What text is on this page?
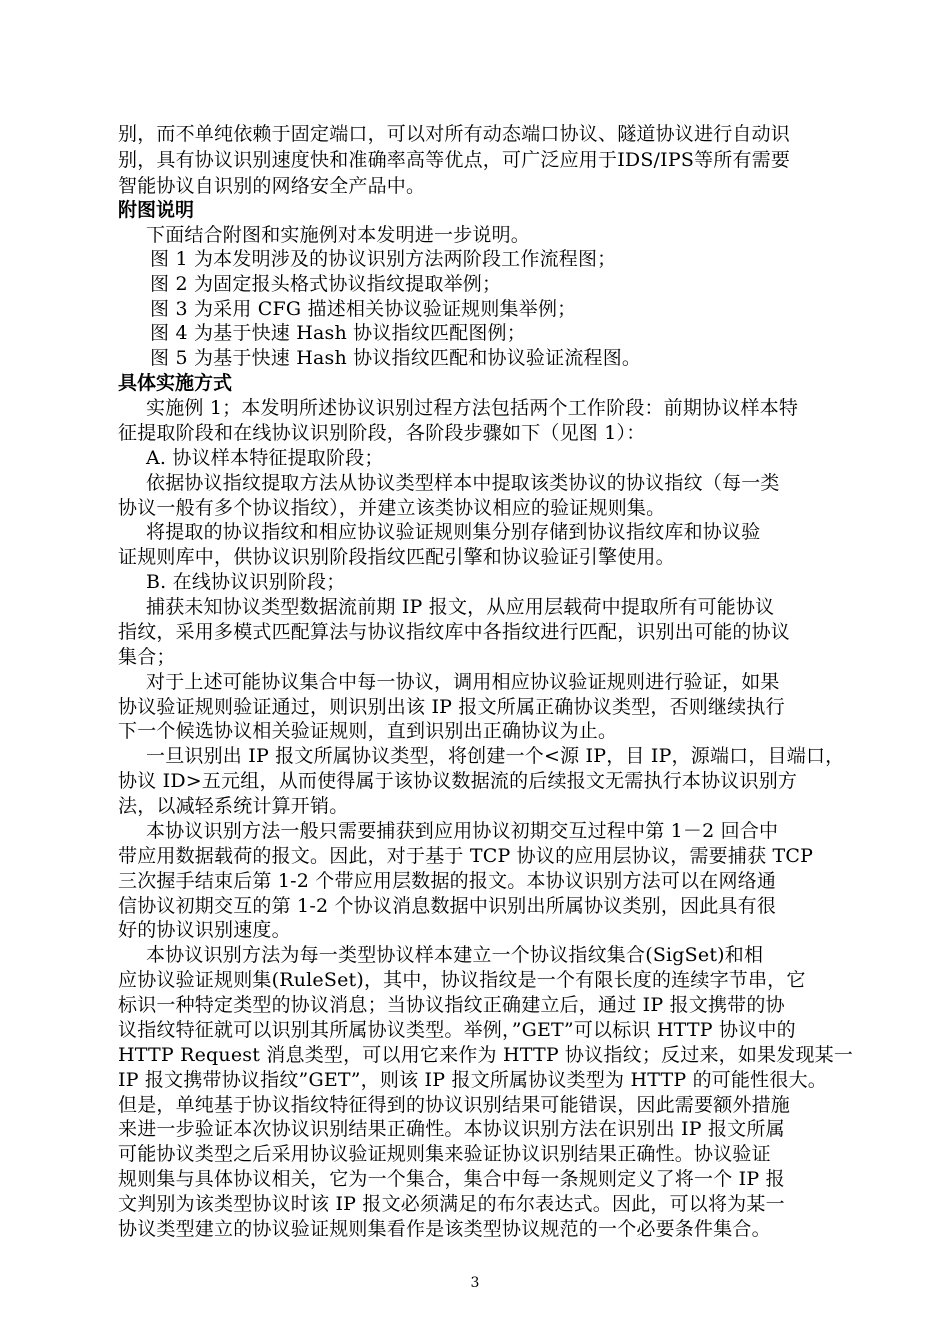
别，而不单纯依赖于固定端口，可以对所有动态端口协议、隧道协议进行自动识
别，具有协议识别速度快和准确率高等优点，可广泛应用于IDS/IPS等所有需要
智能协议自识别的网络安全产品中。
附图说明
下面结合附图和实施例对本发明进一步说明。
图 1 为本发明涉及的协议识别方法两阶段工作流程图；
图 2 为固定报头格式协议指纹提取举例；
图 3 为采用 CFG 描述相关协议验证规则集举例；
图 4 为基于快速 Hash 协议指纹匹配图例；
图 5 为基于快速 Hash 协议指纹匹配和协议验证流程图。
具体实施方式
实施例 1；本发明所述协议识别过程方法包括两个工作阶段：前期协议样本特
征提取阶段和在线协议识别阶段，各阶段步骤如下（见图 1）：
A. 协议样本特征提取阶段；
依据协议指纹提取方法从协议类型样本中提取该类协议的协议指纹（每一类
协议一般有多个协议指纹），并建立该类协议相应的验证规则集。
将提取的协议指纹和相应协议验证规则集分别存储到协议指纹库和协议验
证规则库中，供协议识别阶段指纹匹配引擎和协议验证引擎使用。
B. 在线协议识别阶段；
捕获未知协议类型数据流前期 IP 报文，从应用层载荷中提取所有可能协议
指纹，采用多模式匹配算法与协议指纹库中各指纹进行匹配，识别出可能的协议
集合；
对于上述可能协议集合中每一协议，调用相应协议验证规则进行验证，如果
协议验证规则验证通过，则识别出该 IP 报文所属正确协议类型，否则继续执行
下一个候选协议相关验证规则，直到识别出正确协议为止。
一旦识别出 IP 报文所属协议类型，将创建一个<源 IP，目 IP，源端口，目端口，
协议 ID>五元组，从而使得属于该协议数据流的后续报文无需执行本协议识别方
法，以减轻系统计算开销。
本协议识别方法一般只需要捕获到应用协议初期交互过程中第 1－2 回合中
带应用数据载荷的报文。因此，对于基于 TCP 协议的应用层协议，需要捕获 TCP
三次握手结束后第 1-2 个带应用层数据的报文。本协议识别方法可以在网络通
信协议初期交互的第 1-2 个协议消息数据中识别出所属协议类别，因此具有很
好的协议识别速度。
本协议识别方法为每一类型协议样本建立一个协议指纹集合(SigSet)和相
应协议验证规则集(RuleSet)，其中，协议指纹是一个有限长度的连续字节串，它
标识一种特定类型的协议消息；当协议指纹正确建立后，通过 IP 报文携带的协
议指纹特征就可以识别其所属协议类型。举例，”GET”可以标识 HTTP 协议中的
HTTP Request 消息类型，可以用它来作为 HTTP 协议指纹；反过来，如果发现某一
IP 报文携带协议指纹”GET”，则该 IP 报文所属协议类型为 HTTP 的可能性很大。
但是，单纯基于协议指纹特征得到的协议识别结果可能错误，因此需要额外措施
来进一步验证本次协议识别结果正确性。本协议识别方法在识别出 IP 报文所属
可能协议类型之后采用协议验证规则集来验证协议识别结果正确性。协议验证
规则集与具体协议相关，它为一个集合，集合中每一条规则定义了将一个 IP 报
文判别为该类型协议时该 IP 报文必须满足的布尔表达式。因此，可以将为某一
协议类型建立的协议验证规则集看作是该类型协议规范的一个必要条件集合。
3
